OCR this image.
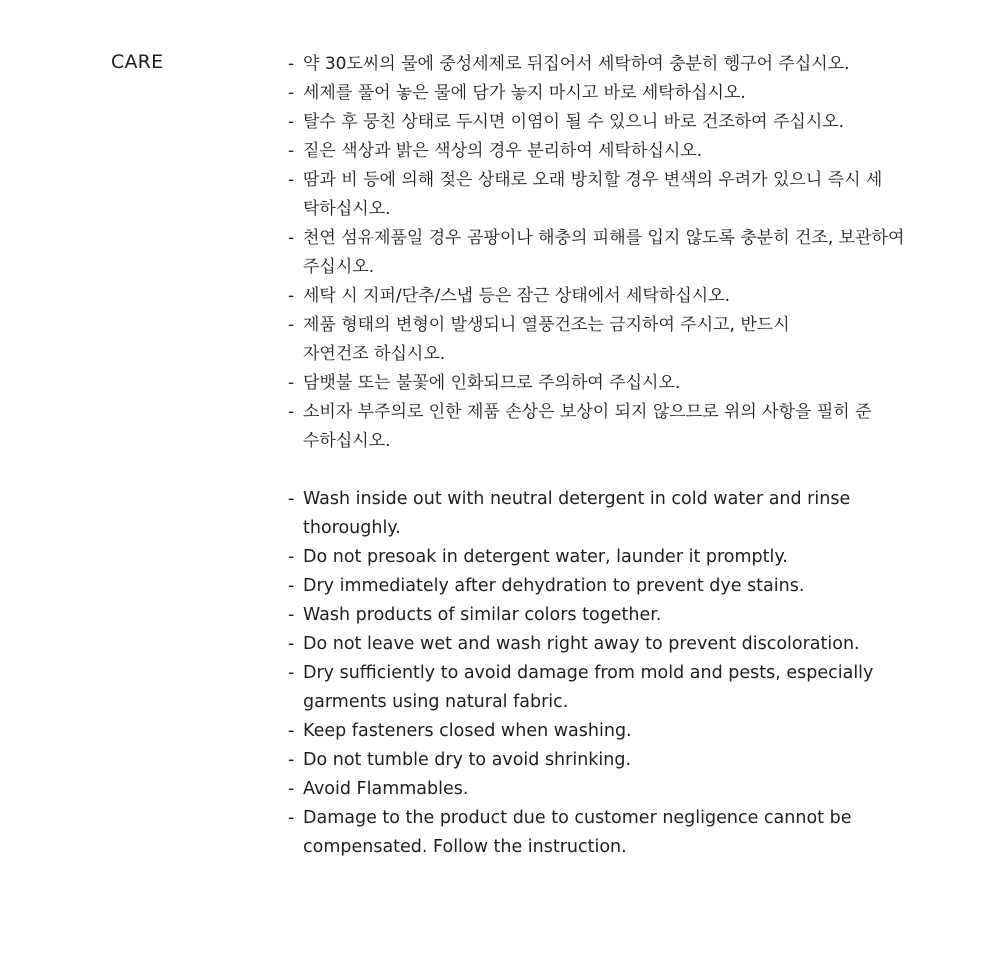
CARE	- 약 30도씨의 물에 중성세제로 뒤집어서 세탁하여 충분히 헹구어 주십시오.
- 세제를 풀어 놓은 물에 담가 놓지 마시고 바로 세탁하십시오.
- 탈수 후 뭉친 상태로 두시면 이염이 될 수 있으니 바로 건조하여 주십시오.
- 짙은 색상과 밝은 색상의 경우 분리하여 세탁하십시오.
- 땀과 비 등에 의해 젖은 상태로 오래 방치할 경우 변색의 우려가 있으니 즉시 세탁하십시오.
- 천연 섬유제품일 경우 곰팡이나 해충의 피해를 입지 않도록 충분히 건조, 보관하여 주십시오.
- 세탁 시 지퍼/단추/스냅 등은 잠근 상태에서 세탁하십시오.
- 제품 형태의 변형이 발생되니 열풍건조는 금지하여 주시고, 반드시 자연건조 하십시오.
- 담뱃불 또는 불꽃에 인화되므로 주의하여 주십시오.
- 소비자 부주의로 인한 제품 손상은 보상이 되지 않으므로 위의 사항을 필히 준수하십시오.
- Wash inside out with neutral detergent in cold water and rinse thoroughly.
- Do not presoak in detergent water, launder it promptly.
- Dry immediately after dehydration to prevent dye stains.
- Wash products of similar colors together.
- Do not leave wet and wash right away to prevent discoloration.
- Dry sufficiently to avoid damage from mold and pests, especially garments using natural fabric.
- Keep fasteners closed when washing.
- Do not tumble dry to avoid shrinking.
- Avoid Flammables.
- Damage to the product due to customer negligence cannot be compensated. Follow the instruction.
